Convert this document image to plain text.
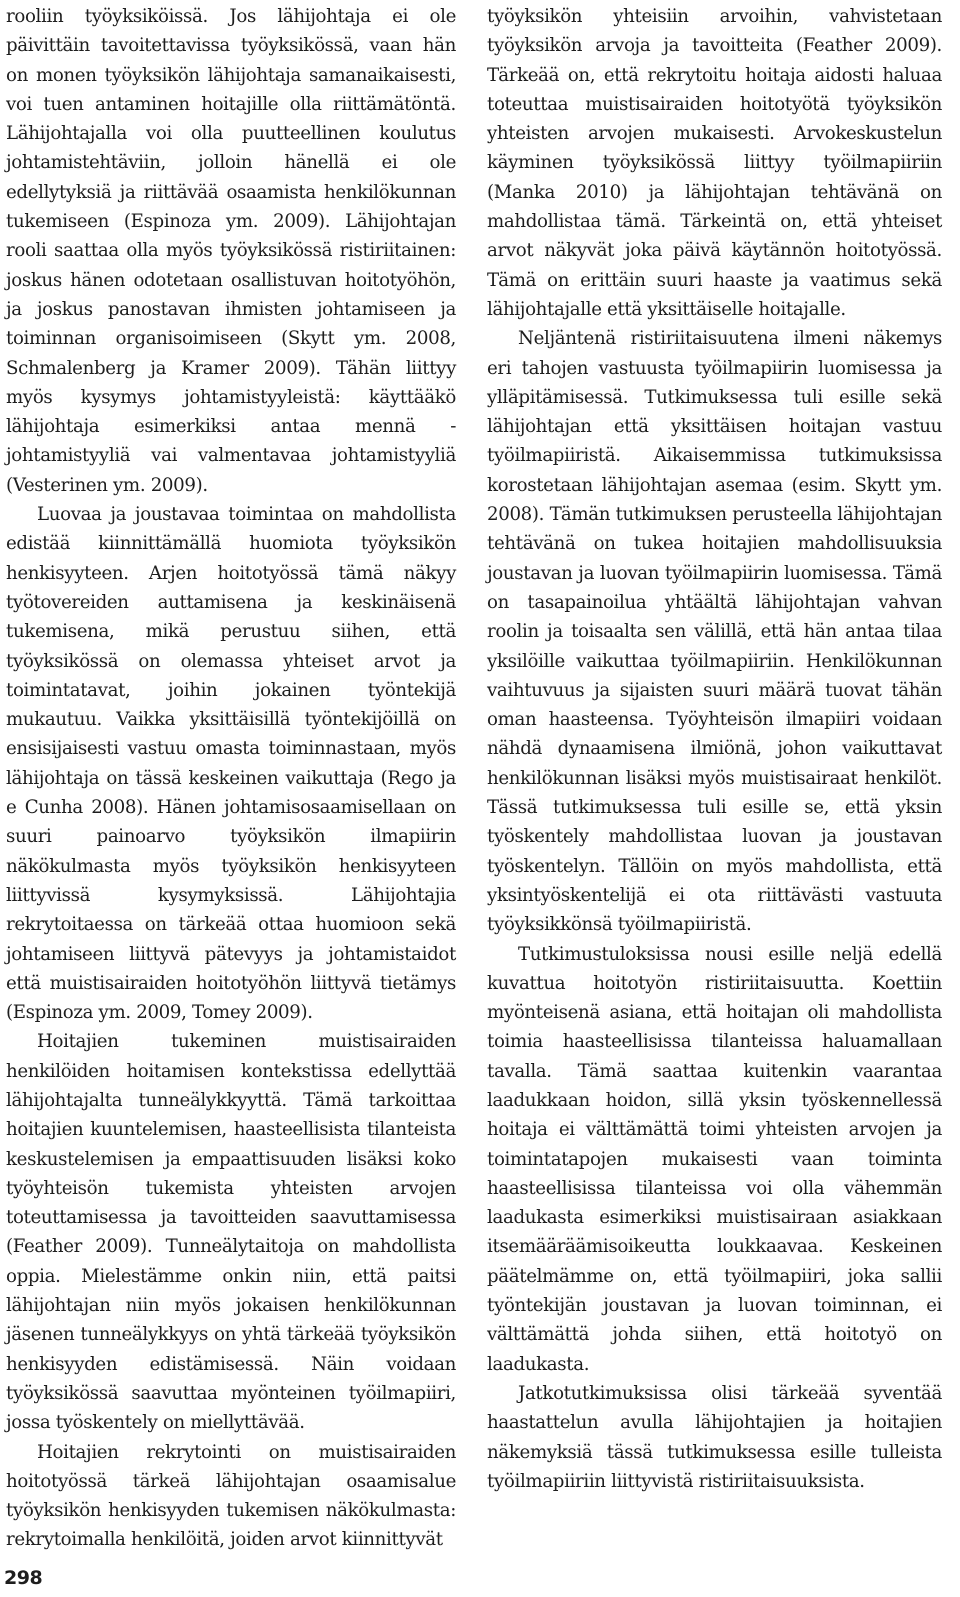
rooliin työyksiköissä. Jos lähijohtaja ei ole päivittäin tavoitettavissa työyksikössä, vaan hän on monen työyksikön lähijohtaja samanaikaisesti, voi tuen antaminen hoitajille olla riittämätöntä. Lähijohtajalla voi olla puutteellinen koulutus johtamistehtäviin, jolloin hänellä ei ole edellytyksiä ja riittävää osaamista henkilökunnan tukemiseen (Espinoza ym. 2009). Lähijohtajan rooli saattaa olla myös työyksikössä ristiriitainen: joskus hänen odotetaan osallistuvan hoitotyöhön, ja joskus panostavan ihmisten johtamiseen ja toiminnan organisoimiseen (Skytt ym. 2008, Schmalenberg ja Kramer 2009). Tähän liittyy myös kysymys johtamistyyleistä: käyttääkö lähijohtaja esimerkiksi antaa mennä -johtamistyyliä vai valmentavaa johtamistyyliä (Vesterinen ym. 2009).

Luovaa ja joustavaa toimintaa on mahdollista edistää kiinnittämällä huomiota työyksikön henkisyyteen. Arjen hoitotyössä tämä näkyy työtovereiden auttamisena ja keskinäisenä tukemisena, mikä perustuu siihen, että työyksikössä on olemassa yhteiset arvot ja toimintatavat, joihin jokainen työntekijä mukautuu. Vaikka yksittäisillä työntekijöillä on ensisijaisesti vastuu omasta toiminnastaan, myös lähijohtaja on tässä keskeinen vaikuttaja (Rego ja e Cunha 2008). Hänen johtamisosaamisellaan on suuri painoarvo työyksikön ilmapiirin näkökulmasta myös työyksikön henkisyyteen liittyvissä kysymyksissä. Lähijohtajia rekrytoitaessa on tärkeää ottaa huomioon sekä johtamiseen liittyvä pätevyys ja johtamistaidot että muistisairaiden hoitotyöhön liittyvä tietämys (Espinoza ym. 2009, Tomey 2009).

Hoitajien tukeminen muistisairaiden henkilöiden hoitamisen kontekstissa edellyttää lähijohtajalta tunneälykkyyttä. Tämä tarkoittaa hoitajien kuuntelemisen, haasteellisista tilanteista keskustelemisen ja empaattisuuden lisäksi koko työyhteisön tukemista yhteisten arvojen toteuttamisessa ja tavoitteiden saavuttamisessa (Feather 2009). Tunneälytaitoja on mahdollista oppia. Mielestämme onkin niin, että paitsi lähijohtajan niin myös jokaisen henkilökunnan jäsenen tunneälykkyys on yhtä tärkeää työyksikön henkisyyden edistämisessä. Näin voidaan työyksikössä saavuttaa myönteinen työilmapiiri, jossa työskentely on miellyttävää.

Hoitajien rekrytointi on muistisairaiden hoitotyössä tärkeä lähijohtajan osaamisalue työyksikön henkisyyden tukemisen näkökulmasta: rekrytoimalla henkilöitä, joiden arvot kiinnittyvät

työyksikön yhteisiin arvoihin, vahvistetaan työyksikön arvoja ja tavoitteita (Feather 2009). Tärkeää on, että rekrytoitu hoitaja aidosti haluaa toteuttaa muistisairaiden hoitotyötä työyksikön yhteisten arvojen mukaisesti. Arvokeskustelun käyminen työyksikössä liittyy työilmapiiriin (Manka 2010) ja lähijohtajan tehtävänä on mahdollistaa tämä. Tärkeintä on, että yhteiset arvot näkyvät joka päivä käytännön hoitotyössä. Tämä on erittäin suuri haaste ja vaatimus sekä lähijohtajalle että yksittäiselle hoitajalle.

Neljäntenä ristiriitaisuutena ilmeni näkemys eri tahojen vastuusta työilmapiirin luomisessa ja ylläpitämisessä. Tutkimuksessa tuli esille sekä lähijohtajan että yksittäisen hoitajan vastuu työilmapiiristä. Aikaisemmissa tutkimuksissa korostetaan lähijohtajan asemaa (esim. Skytt ym. 2008). Tämän tutkimuksen perusteella lähijohtajan tehtävänä on tukea hoitajien mahdollisuuksia joustavan ja luovan työilmapiirin luomisessa. Tämä on tasapainoilua yhtäältä lähijohtajan vahvan roolin ja toisaalta sen välillä, että hän antaa tilaa yksilöille vaikuttaa työilmapiiriin. Henkilökunnan vaihtuvuus ja sijaisten suuri määrä tuovat tähän oman haasteensa. Työyhteisön ilmapiiri voidaan nähdä dynaamisena ilmiönä, johon vaikuttavat henkilökunnan lisäksi myös muistisairaat henkilöt. Tässä tutkimuksessa tuli esille se, että yksin työskentely mahdollistaa luovan ja joustavan työskentelyn. Tällöin on myös mahdollista, että yksintyöskentelijä ei ota riittävästi vastuuta työyksikkönsä työilmapiiristä.

Tutkimustuloksissa nousi esille neljä edellä kuvattua hoitotyön ristiriitaisuutta. Koettiin myönteisenä asiana, että hoitajan oli mahdollista toimia haasteellisissa tilanteissa haluamallaan tavalla. Tämä saattaa kuitenkin vaarantaa laadukkaan hoidon, sillä yksin työskennellessä hoitaja ei välttämättä toimi yhteisten arvojen ja toimintatapojen mukaisesti vaan toiminta haasteellisissa tilanteissa voi olla vähemmän laadukasta esimerkiksi muistisairaan asiakkaan itsemääräämisoikeutta loukkaavaa. Keskeinen päätelmämme on, että työilmapiiri, joka sallii työntekijän joustavan ja luovan toiminnan, ei välttämättä johda siihen, että hoitotyö on laadukasta.

Jatkotutkimuksissa olisi tärkeää syventää haastattelun avulla lähijohtajien ja hoitajien näkemyksiä tässä tutkimuksessa esille tulleista työilmapiiriin liittyvistä ristiriitaisuuksista.

298
